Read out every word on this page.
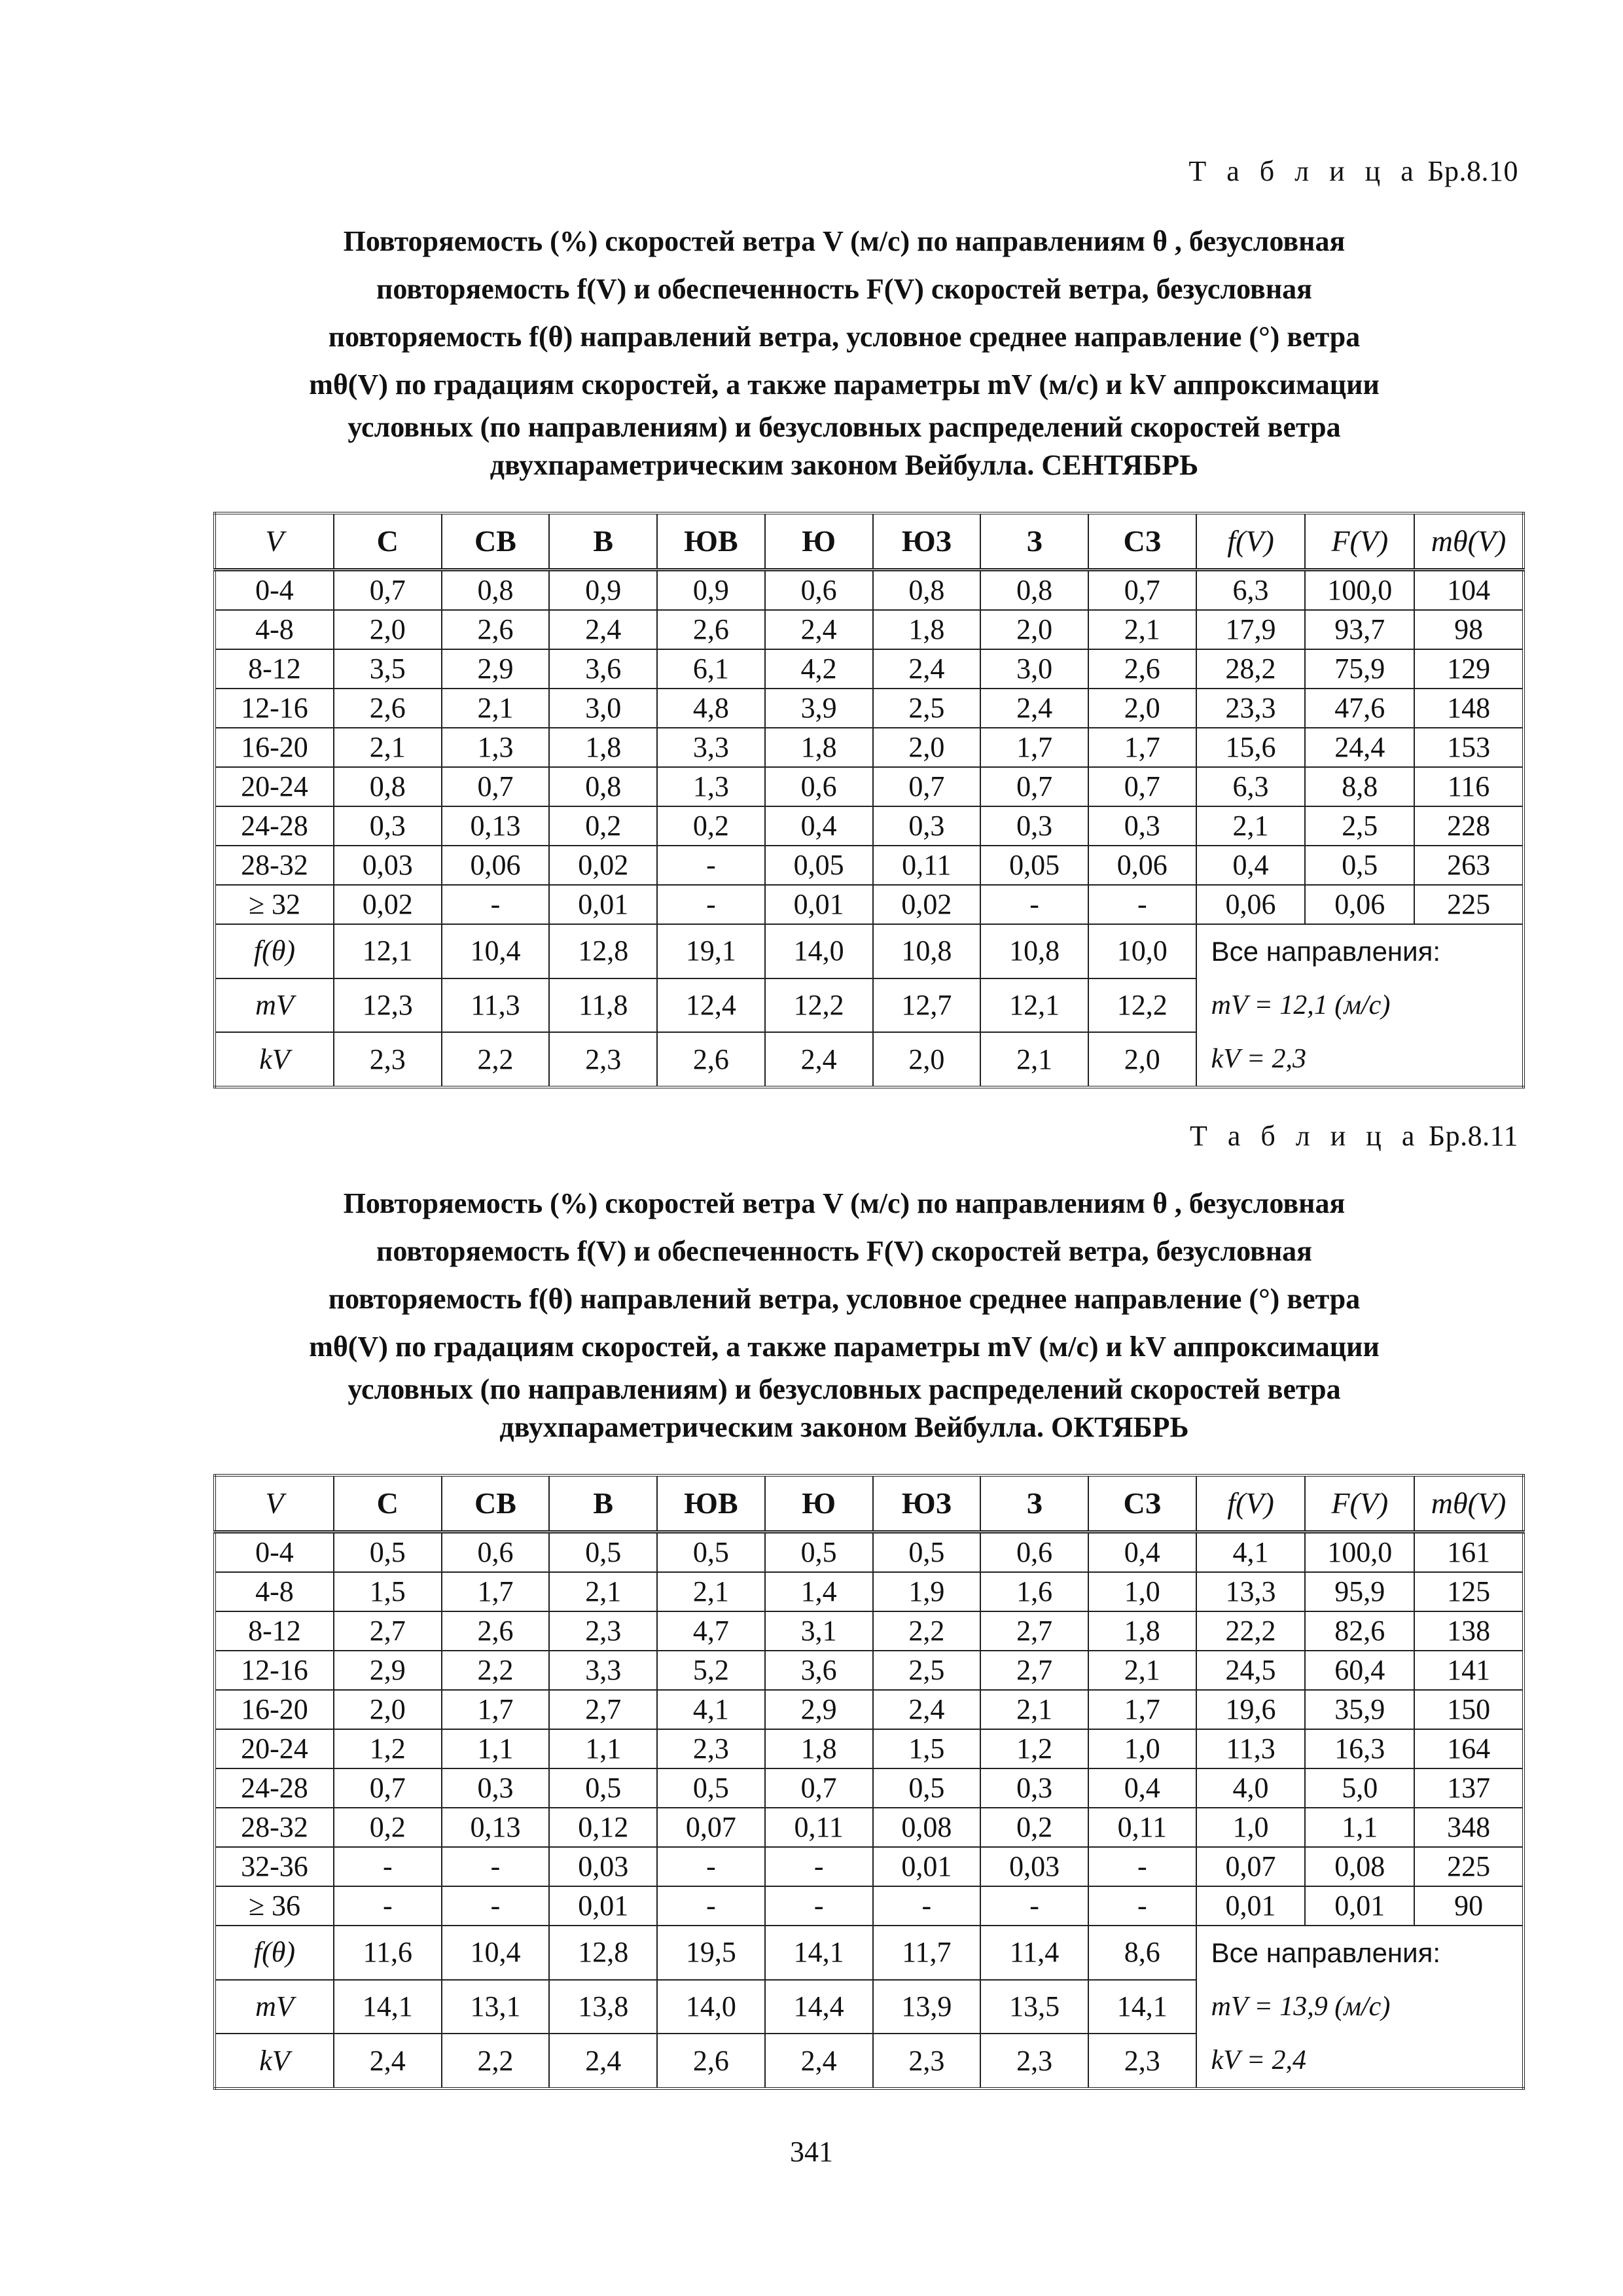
Т а б л и ц а Бр.8.10
Повторяемость (%) скоростей ветра V (м/с) по направлениям θ , безусловная
повторяемость f(V) и обеспеченность F(V) скоростей ветра, безусловная
повторяемость f(θ) направлений ветра, условное среднее направление (°) ветра
mθ(V) по градациям скоростей, а также параметры mV (м/с) и kV аппроксимации
условных (по направлениям) и безусловных распределений скоростей ветра
двухпараметрическим законом Вейбулла. СЕНТЯБРЬ
V	С	СВ	В	ЮВ	Ю	ЮЗ	З	СЗ	f(V)	F(V)	mθ(V)
0-4	0,7	0,8	0,9	0,9	0,6	0,8	0,8	0,7	6,3	100,0	104
4-8	2,0	2,6	2,4	2,6	2,4	1,8	2,0	2,1	17,9	93,7	98
8-12	3,5	2,9	3,6	6,1	4,2	2,4	3,0	2,6	28,2	75,9	129
12-16	2,6	2,1	3,0	4,8	3,9	2,5	2,4	2,0	23,3	47,6	148
16-20	2,1	1,3	1,8	3,3	1,8	2,0	1,7	1,7	15,6	24,4	153
20-24	0,8	0,7	0,8	1,3	0,6	0,7	0,7	0,7	6,3	8,8	116
24-28	0,3	0,13	0,2	0,2	0,4	0,3	0,3	0,3	2,1	2,5	228
28-32	0,03	0,06	0,02	-	0,05	0,11	0,05	0,06	0,4	0,5	263
≥ 32	0,02	-	0,01	-	0,01	0,02	-	-	0,06	0,06	225
f(θ)	12,1	10,4	12,8	19,1	14,0	10,8	10,8	10,0	Все направления:
mV = 12,1 (м/с)
kV = 2,3		

mV	12,3	11,3	11,8	12,4	12,2	12,7	12,1	12,2			
kV	2,3	2,2	2,3	2,6	2,4	2,0	2,1	2,0			
Т а б л и ц а Бр.8.11
Повторяемость (%) скоростей ветра V (м/с) по направлениям θ , безусловная
повторяемость f(V) и обеспеченность F(V) скоростей ветра, безусловная
повторяемость f(θ) направлений ветра, условное среднее направление (°) ветра
mθ(V) по градациям скоростей, а также параметры mV (м/с) и kV аппроксимации
условных (по направлениям) и безусловных распределений скоростей ветра
двухпараметрическим законом Вейбулла. ОКТЯБРЬ
V	С	СВ	В	ЮВ	Ю	ЮЗ	З	СЗ	f(V)	F(V)	mθ(V)
0-4	0,5	0,6	0,5	0,5	0,5	0,5	0,6	0,4	4,1	100,0	161
4-8	1,5	1,7	2,1	2,1	1,4	1,9	1,6	1,0	13,3	95,9	125
8-12	2,7	2,6	2,3	4,7	3,1	2,2	2,7	1,8	22,2	82,6	138
12-16	2,9	2,2	3,3	5,2	3,6	2,5	2,7	2,1	24,5	60,4	141
16-20	2,0	1,7	2,7	4,1	2,9	2,4	2,1	1,7	19,6	35,9	150
20-24	1,2	1,1	1,1	2,3	1,8	1,5	1,2	1,0	11,3	16,3	164
24-28	0,7	0,3	0,5	0,5	0,7	0,5	0,3	0,4	4,0	5,0	137
28-32	0,2	0,13	0,12	0,07	0,11	0,08	0,2	0,11	1,0	1,1	348
32-36	-	-	0,03	-	-	0,01	0,03	-	0,07	0,08	225
≥ 36	-	-	0,01	-	-	-	-	-	0,01	0,01	90
f(θ)	11,6	10,4	12,8	19,5	14,1	11,7	11,4	8,6	Все направления:
mV = 13,9 (м/с)
kV = 2,4		

mV	14,1	13,1	13,8	14,0	14,4	13,9	13,5	14,1			
kV	2,4	2,2	2,4	2,6	2,4	2,3	2,3	2,3			
341
